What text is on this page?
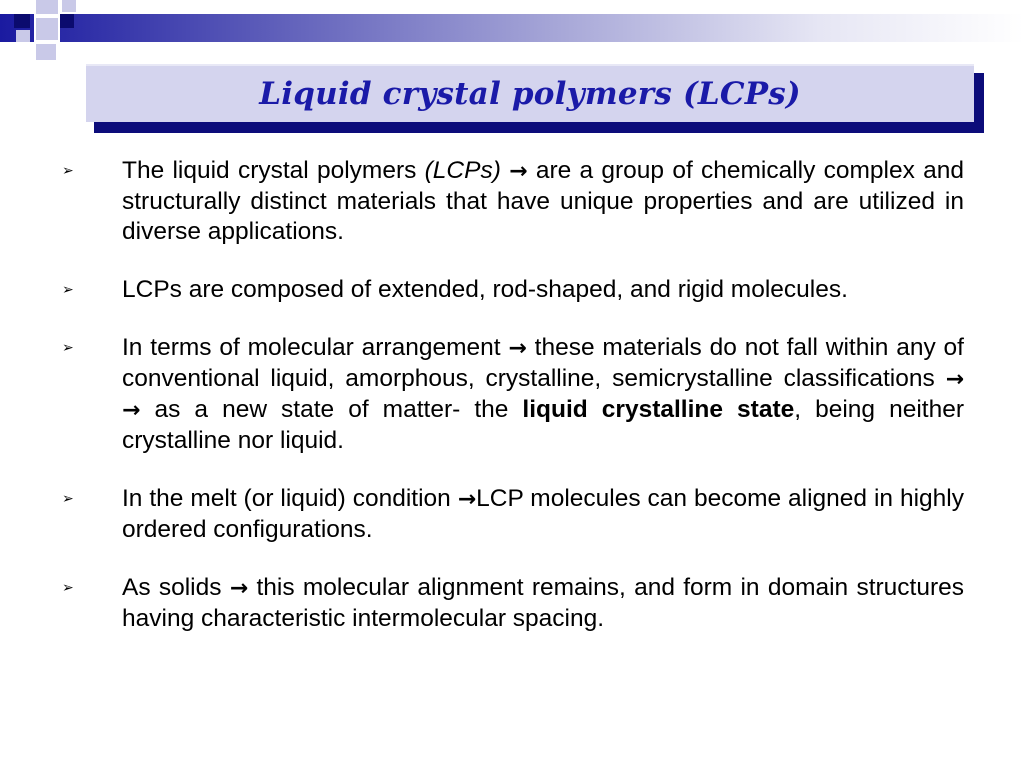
Liquid crystal polymers (LCPs)
➢	The liquid crystal polymers (LCPs) → are a group of chemically complex and structurally distinct materials that have unique properties and are utilized in diverse applications.
➢	LCPs are composed of extended, rod-shaped, and rigid molecules.
➢	In terms of molecular arrangement → these materials do not fall within any of conventional liquid, amorphous, crystalline, semicrystalline classifications → → as a new state of matter- the liquid crystalline state, being neither crystalline nor liquid.
➢	In the melt (or liquid) condition →LCP molecules can become aligned in highly ordered configurations.
➢	As solids → this molecular alignment remains, and form in domain structures having characteristic intermolecular spacing.
